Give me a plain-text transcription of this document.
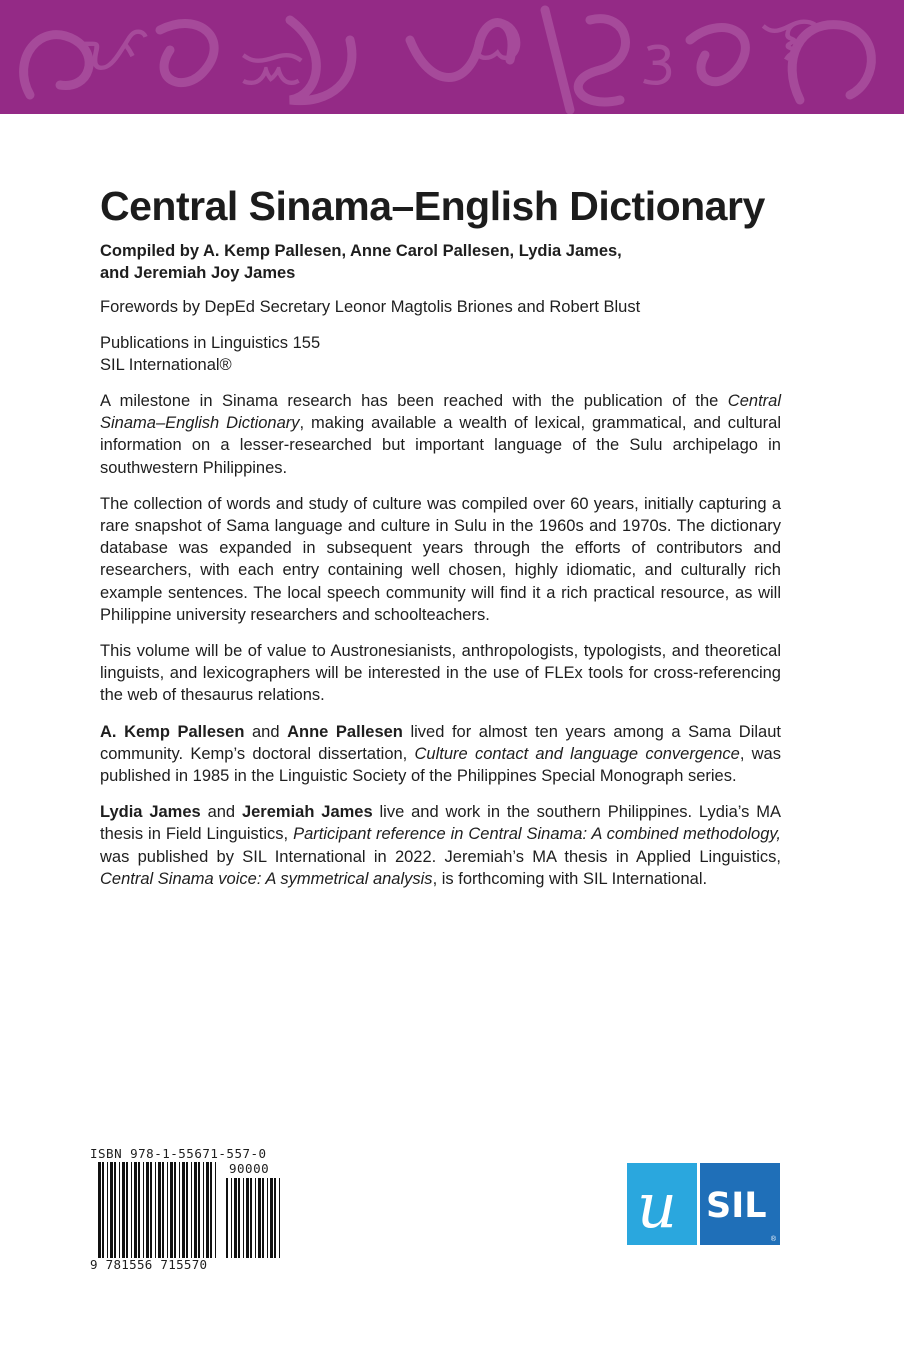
ᜉ ᜁ	ᜊ ᜂ ᜎ
Central Sinama–English Dictionary

Compiled by A. Kemp Pallesen, Anne Carol Pallesen, Lydia James,
and Jeremiah Joy James

Forewords by DepEd Secretary Leonor Magtolis Briones and Robert Blust

Publications in Linguistics 155

SIL International®

A milestone in Sinama research has been reached with the publication of the Central Sinama–English Dictionary, making available a wealth of lexical, grammatical, and cultural information on a lesser-researched but important language of the Sulu archipelago in southwestern Philippines.

The collection of words and study of culture was compiled over 60 years, initially capturing a rare snapshot of Sama language and culture in Sulu in the 1960s and 1970s. The dictionary database was expanded in subsequent years through the efforts of contributors and researchers, with each entry containing well chosen, highly idiomatic, and culturally rich example sentences. The local speech community will find it a rich practical resource, as will Philippine university researchers and schoolteachers.

This volume will be of value to Austronesianists, anthropologists, typologists, and theoretical linguists, and lexicographers will be interested in the use of FLEx tools for cross-referencing the web of thesaurus relations.

A. Kemp Pallesen and Anne Pallesen lived for almost ten years among a Sama Dilaut community. Kemp’s doctoral dissertation, Culture contact and language convergence, was published in 1985 in the Linguistic Society of the Philippines Special Monograph series.

Lydia James and Jeremiah James live and work in the southern Philippines. Lydia’s MA thesis in Field Linguistics, Participant reference in Central Sinama: A combined methodology, was published by SIL International in 2022. Jeremiah’s MA thesis in Applied Linguistics, Central Sinama voice: A symmetrical analysis, is forthcoming with SIL International.

ISBN 978-1-55671-557-0
90000
9 781556 715570
u SIL
®
